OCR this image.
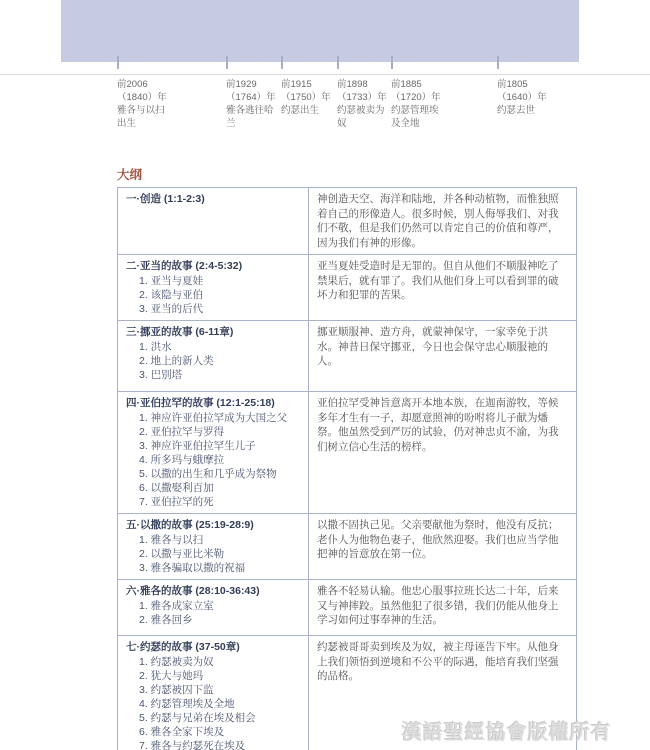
前2006
（1840）年
雅各与以扫出生
前1929
（1764）年
雅各逃往哈兰
前1915
（1750）年
约瑟出生
前1898
（1733）年
约瑟被卖为奴
前1885
（1720）年
约瑟管理埃及全地
前1805
（1640）年
约瑟去世
大纲
一·创造 (1:1-2:3)	神创造天空、海洋和陆地，并各种动植物，而惟独照着自己的形像造人。很多时候，别人侮辱我们、对我们不敬，但是我们仍然可以肯定自己的价值和尊严，因为我们有神的形像。

二·亚当的故事 (2:4-5:32)
1. 亚当与夏娃
2. 该隐与亚伯
3. 亚当的后代	亚当夏娃受造时是无罪的。但自从他们不顺服神吃了禁果后，就有罪了。我们从他们身上可以看到罪的破坏力和犯罪的苦果。

三·挪亚的故事 (6-11章)
1. 洪水
2. 地上的新人类
3. 巴别塔	挪亚顺服神、造方舟，就蒙神保守，一家幸免于洪水。神昔日保守挪亚，今日也会保守忠心顺服祂的人。

四·亚伯拉罕的故事 (12:1-25:18)
1. 神应许亚伯拉罕成为大国之父
2. 亚伯拉罕与罗得
3. 神应许亚伯拉罕生儿子
4. 所多玛与蛾摩拉
5. 以撒的出生和几乎成为祭物
6. 以撒娶利百加
7. 亚伯拉罕的死
	亚伯拉罕受神旨意离开本地本族，在迦南游牧，等候多年才生有一子，却愿意照神的吩咐将儿子献为燔祭。他虽然受到严厉的试验，仍对神忠贞不渝，为我们树立信心生活的榜样。

五·以撒的故事 (25:19-28:9)
1. 雅各与以扫
2. 以撒与亚比米勒
3. 雅各骗取以撒的祝福	以撒不固执己见。父亲要献他为祭时，他没有反抗；老仆人为他物色妻子，他欣然迎娶。我们也应当学他把神的旨意放在第一位。

六·雅各的故事 (28:10-36:43)
1. 雅各成家立室
2. 雅各回乡	雅各不轻易认输。他忠心服事拉班长达二十年，后来又与神摔跤。虽然他犯了很多错，我们仍能从他身上学习如何过事奉神的生活。

七·约瑟的故事 (37-50章)
1. 约瑟被卖为奴
2. 犹大与她玛
3. 约瑟被囚下监
4. 约瑟管理埃及全地
5. 约瑟与兄弟在埃及相会
6. 雅各全家下埃及
7. 雅各与约瑟死在埃及
	约瑟被哥哥卖到埃及为奴，被主母诬告下牢。从他身上我们领悟到逆境和不公平的际遇，能培育我们坚强的品格。
漢語聖經協會版權所有
